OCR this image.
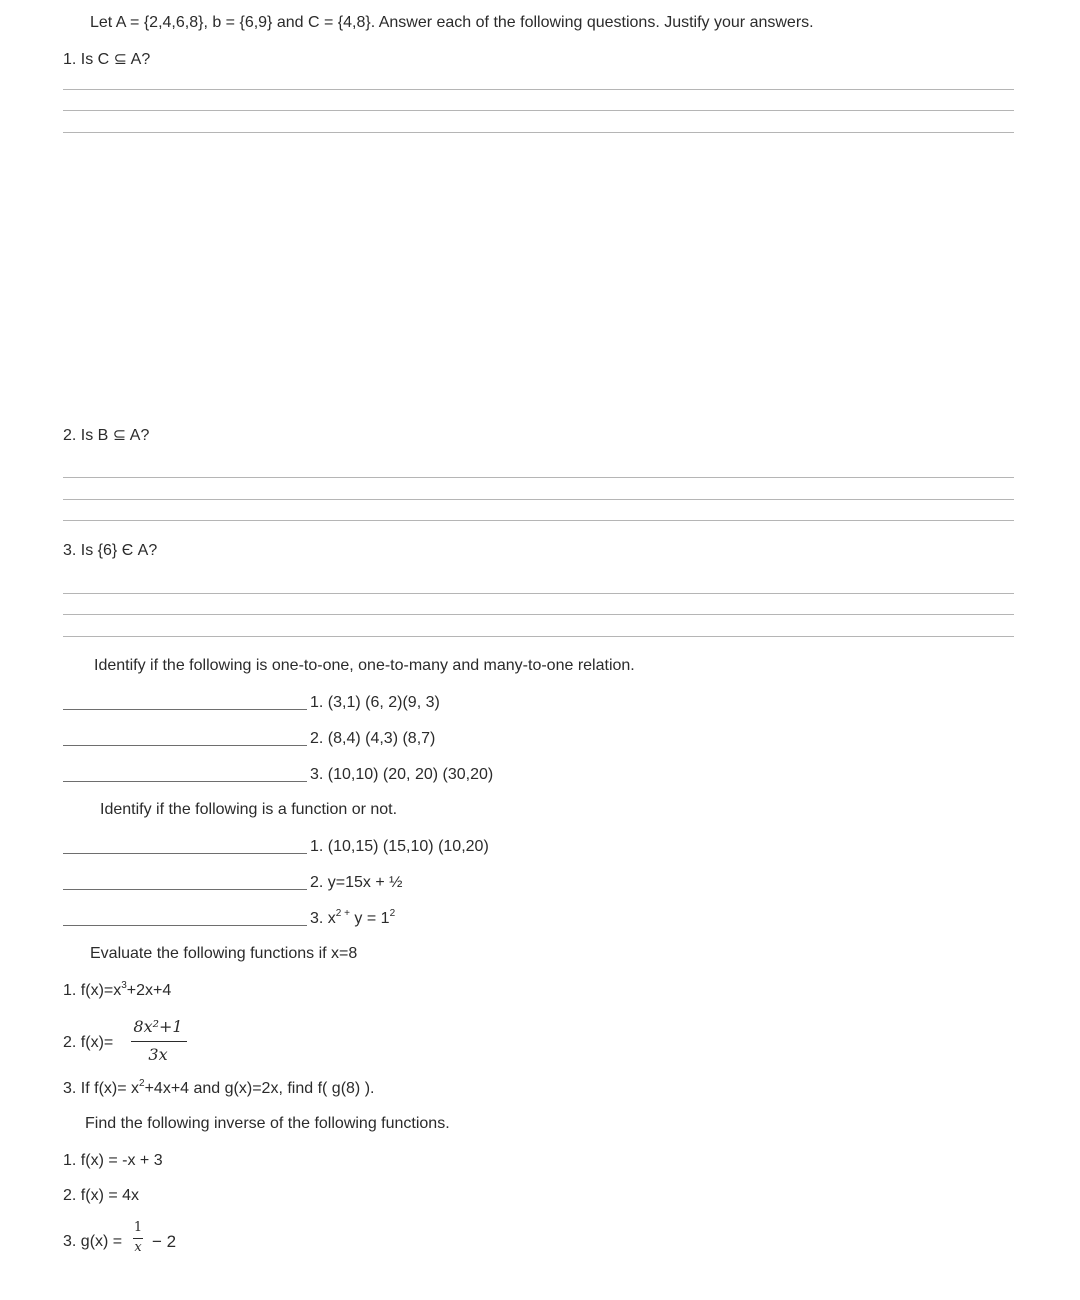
Let A = {2,4,6,8}, b = {6,9} and C = {4,8}. Answer each of the following questions. Justify your answers.
1. Is C ⊆ A?
2. Is B ⊆ A?
3. Is {6} Є A?
Identify if the following is one-to-one, one-to-many and many-to-one relation.
1. (3,1) (6, 2)(9, 3)
2. (8,4) (4,3) (8,7)
3. (10,10) (20, 20) (30,20)
Identify if the following is a function or not.
1. (10,15) (15,10) (10,20)
2. y=15x + ½
3. $x^{2 +}$ $y = 1^2$
Evaluate the following functions if x=8
1. $f(x)=x^3+2x+4$
2. f(x)=
8x²+1
3x
3. If $f(x)= x^2+4x+4$ and g(x)=2x, find f( g(8) ).
Find the following inverse of the following functions.
1. f(x) = -x + 3
2. f(x) = 4x
3. g(x) =
1
x − 2
